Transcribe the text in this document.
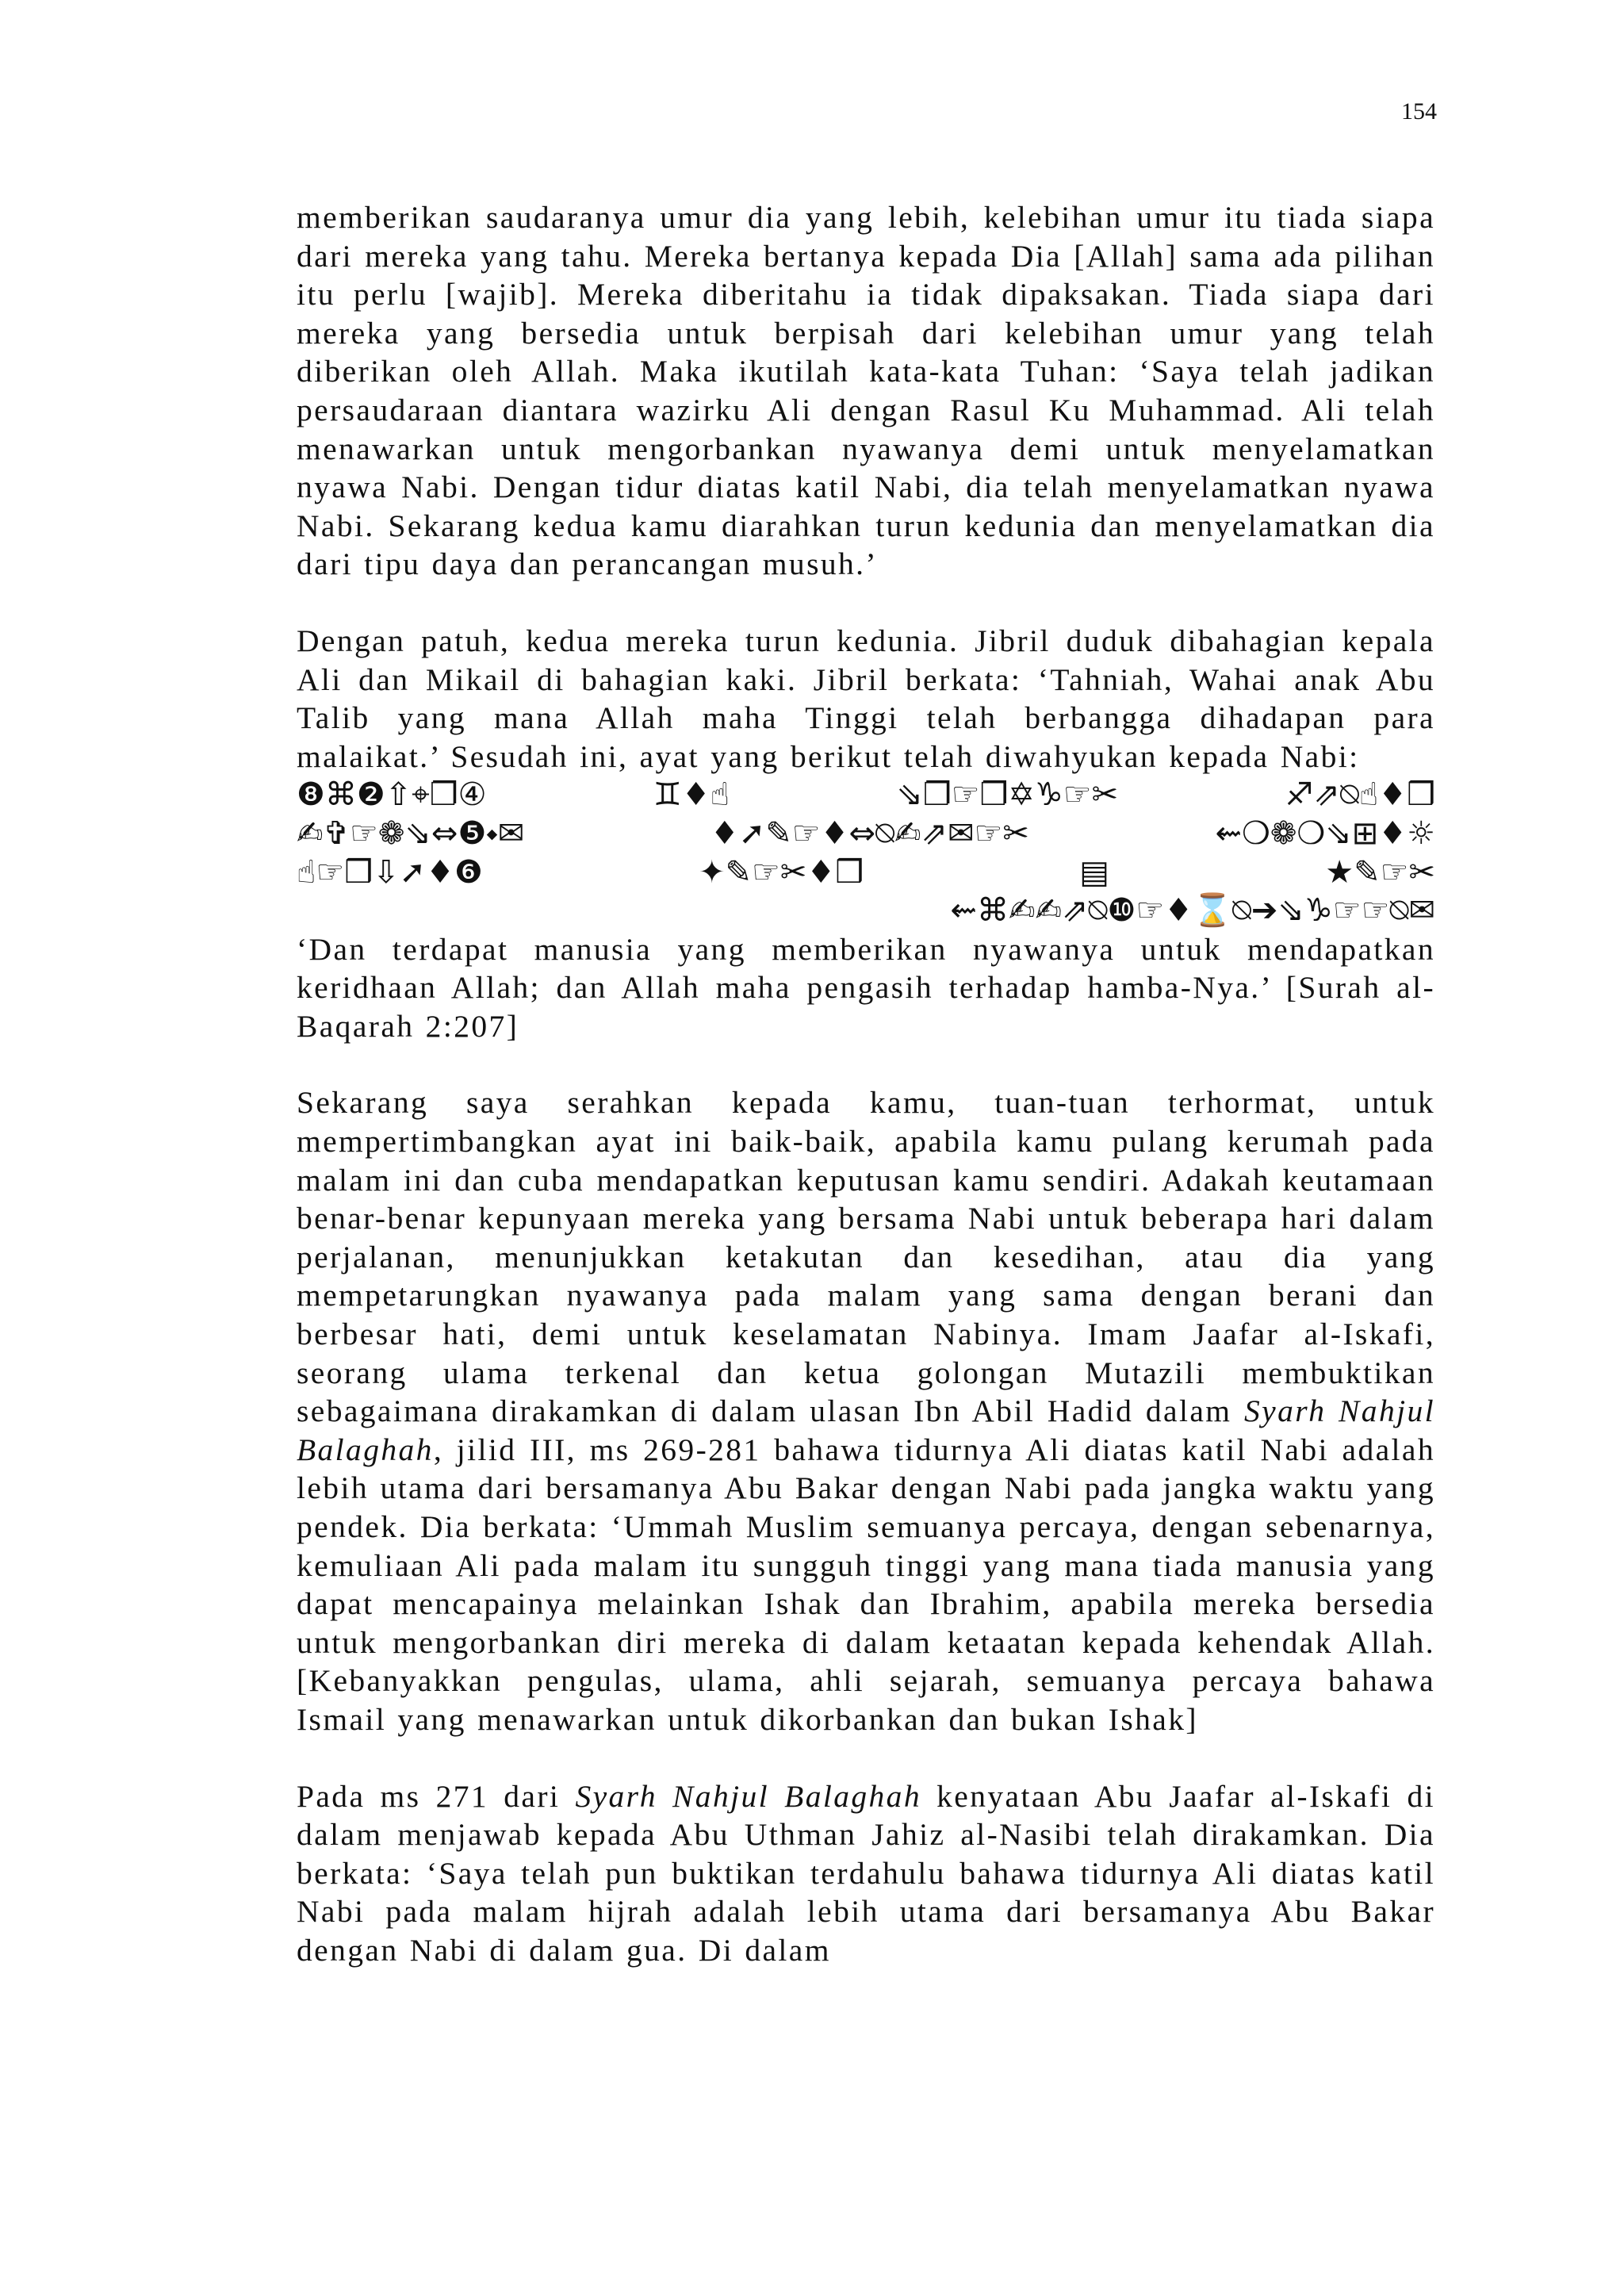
154

memberikan saudaranya umur dia yang lebih, kelebihan umur itu tiada siapa dari mereka yang tahu. Mereka bertanya kepada Dia [Allah] sama ada pilihan itu perlu [wajib]. Mereka diberitahu ia tidak dipaksakan. Tiada siapa dari mereka yang bersedia untuk berpisah dari kelebihan umur yang telah diberikan oleh Allah. Maka ikutilah kata-kata Tuhan: ‘Saya telah jadikan persaudaraan diantara wazirku Ali dengan Rasul Ku Muhammad. Ali telah menawarkan untuk mengorbankan nyawanya demi untuk menyelamatkan nyawa Nabi. Dengan tidur diatas katil Nabi, dia telah menyelamatkan nyawa Nabi. Sekarang kedua kamu diarahkan turun kedunia dan menyelamatkan dia dari tipu daya dan perancangan musuh.’

Dengan patuh, kedua mereka turun kedunia. Jibril duduk dibahagian kepala Ali dan Mikail di bahagian kaki. Jibril berkata: ‘Tahniah, Wahai anak Abu Talib yang mana Allah maha Tinggi telah berbangga dihadapan para malaikat.’ Sesudah ini, ayat yang berikut telah diwahyukan kepada Nabi:

❽⌘❷⇧⌖❐④	♊♦☝	⇘❐☞❐✡♑☞✂	♐⇗⍉☝♦❒
✍✞☞❁⇘⇔❺⬩✉	♦➚✎☞♦⇔⍉✍⇗✉☞✂	⇜❍❁❍⇘⊞♦☼
☝☞❒⇩➚♦❻	✦✎☞✂♦❒	▤	★✎☞✂
⇜⌘✍✍⇗⍉❿☞♦⌛⍉➔⇘♑☞☞⍉✉

‘Dan terdapat manusia yang memberikan nyawanya untuk mendapatkan keridhaan Allah; dan Allah maha pengasih terhadap hamba-Nya.’ [Surah al-Baqarah 2:207]

Sekarang saya serahkan kepada kamu, tuan-tuan terhormat, untuk mempertimbangkan ayat ini baik-baik, apabila kamu pulang kerumah pada malam ini dan cuba mendapatkan keputusan kamu sendiri. Adakah keutamaan benar-benar kepunyaan mereka yang bersama Nabi untuk beberapa hari dalam perjalanan, menunjukkan ketakutan dan kesedihan, atau dia yang mempetarungkan nyawanya pada malam yang sama dengan berani dan berbesar hati, demi untuk keselamatan Nabinya. Imam Jaafar al-Iskafi, seorang ulama terkenal dan ketua golongan Mutazili membuktikan sebagaimana dirakamkan di dalam ulasan Ibn Abil Hadid dalam Syarh Nahjul Balaghah, jilid III, ms 269-281 bahawa tidurnya Ali diatas katil Nabi adalah lebih utama dari bersamanya Abu Bakar dengan Nabi pada jangka waktu yang pendek. Dia berkata: ‘Ummah Muslim semuanya percaya, dengan sebenarnya, kemuliaan Ali pada malam itu sungguh tinggi yang mana tiada manusia yang dapat mencapainya melainkan Ishak dan Ibrahim, apabila mereka bersedia untuk mengorbankan diri mereka di dalam ketaatan kepada kehendak Allah. [Kebanyakkan pengulas, ulama, ahli sejarah, semuanya percaya bahawa Ismail yang menawarkan untuk dikorbankan dan bukan Ishak]

Pada ms 271 dari Syarh Nahjul Balaghah kenyataan Abu Jaafar al-Iskafi di dalam menjawab kepada Abu Uthman Jahiz al-Nasibi telah dirakamkan. Dia berkata: ‘Saya telah pun buktikan terdahulu bahawa tidurnya Ali diatas katil Nabi pada malam hijrah adalah lebih utama dari bersamanya Abu Bakar dengan Nabi di dalam gua. Di dalam
